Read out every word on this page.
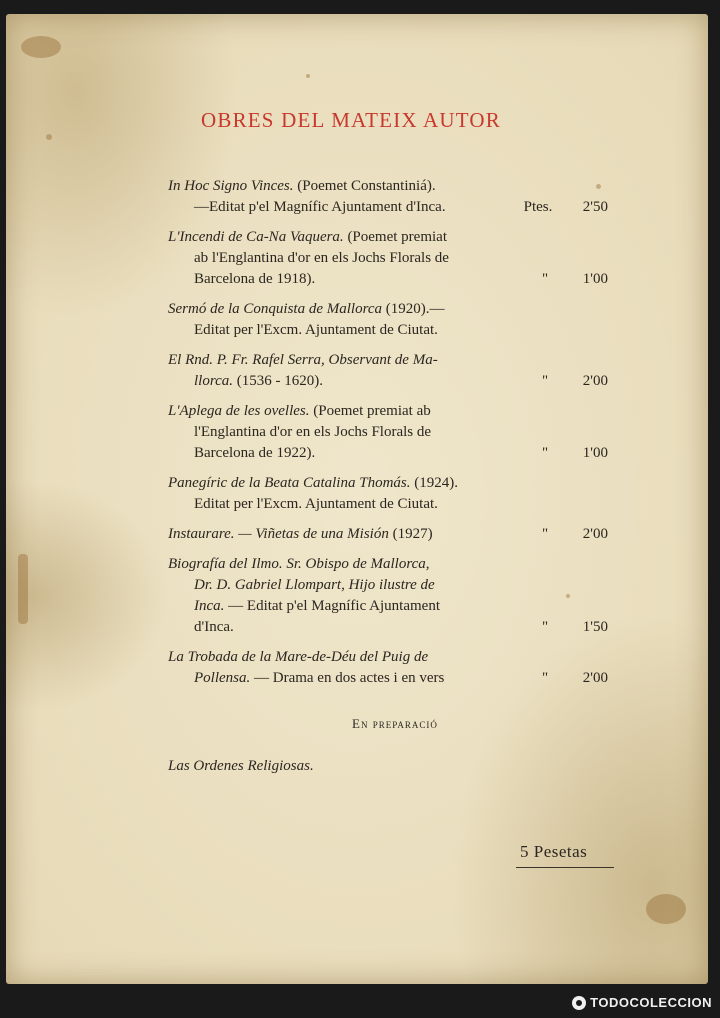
OBRES DEL MATEIX AUTOR
In Hoc Signo Vinces. (Poemet Constantiniá).
—Editat p'el Magnífic Ajuntament d'Inca.	Ptes. 2'50
L'Incendi de Ca-Na Vaquera. (Poemet premiat
ab l'Englantina d'or en els Jochs Florals de
Barcelona de 1918).	" 1'00
Sermó de la Conquista de Mallorca (1920).—
Editat per l'Excm. Ajuntament de Ciutat.
El Rnd. P. Fr. Rafel Serra, Observant de Ma-
llorca. (1536 - 1620).	" 2'00
L'Aplega de les ovelles. (Poemet premiat ab
l'Englantina d'or en els Jochs Florals de
Barcelona de 1922).	" 1'00
Panegíric de la Beata Catalina Thomás. (1924).
Editat per l'Excm. Ajuntament de Ciutat.
Instaurare. — Viñetas de una Misión (1927)	" 2'00
Biografía del Ilmo. Sr. Obispo de Mallorca,
Dr. D. Gabriel Llompart, Hijo ilustre de
Inca. — Editat p'el Magnífic Ajuntament
d'Inca.	" 1'50
La Trobada de la Mare-de-Déu del Puig de
Pollensa. — Drama en dos actes i en vers	" 2'00
En preparació
Las Ordenes Religiosas.
5 Pesetas
TODOCOLECCION
